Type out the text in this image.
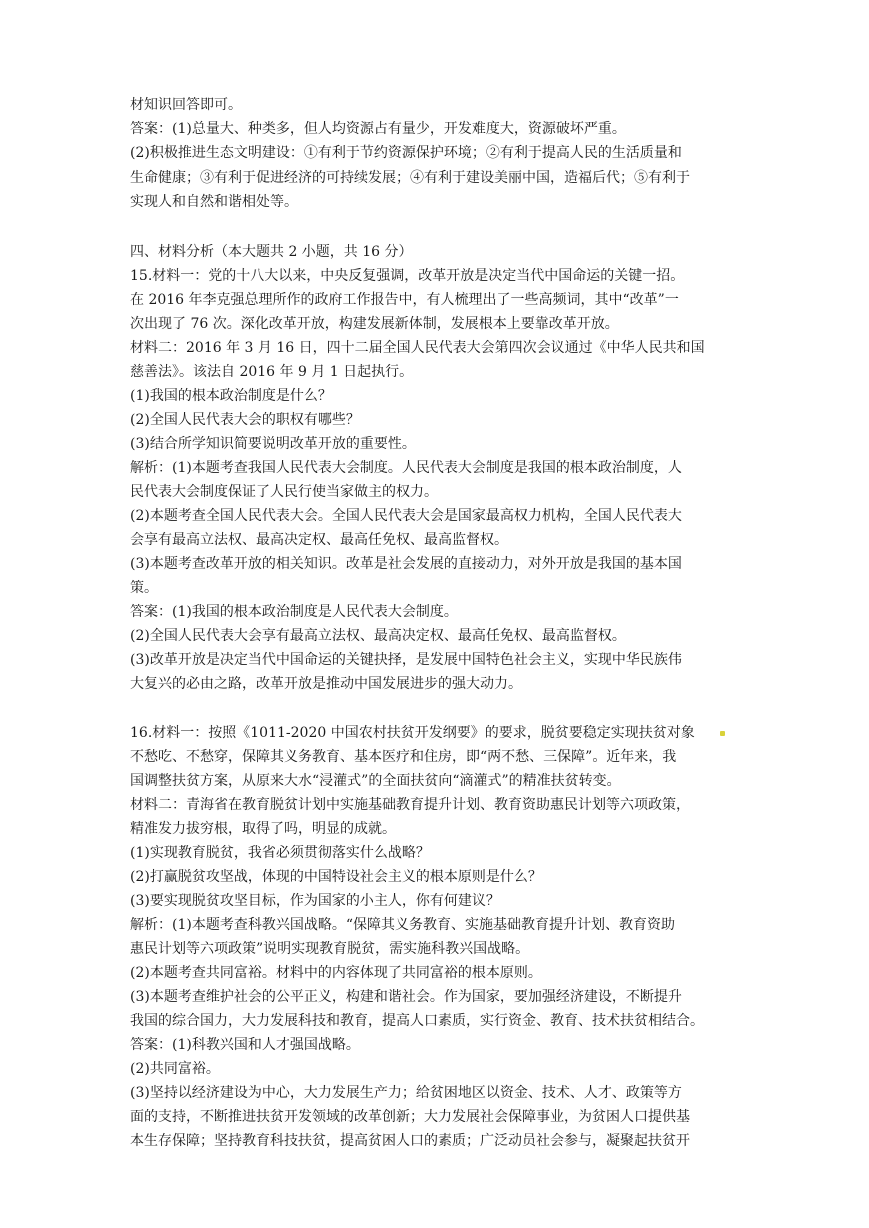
材知识回答即可。
答案：(1)总量大、种类多，但人均资源占有量少，开发难度大，资源破坏严重。
(2)积极推进生态文明建设：①有利于节约资源保护环境；②有利于提高人民的生活质量和
生命健康；③有利于促进经济的可持续发展；④有利于建设美丽中国，造福后代；⑤有利于
实现人和自然和谐相处等。
四、材料分析（本大题共 2 小题，共 16 分）
15.材料一：党的十八大以来，中央反复强调，改革开放是决定当代中国命运的关键一招。
在 2016 年李克强总理所作的政府工作报告中，有人梳理出了一些高频词，其中“改革”一
次出现了 76 次。深化改革开放，构建发展新体制，发展根本上要靠改革开放。
材料二：2016 年 3 月 16 日，四十二届全国人民代表大会第四次会议通过《中华人民共和国
慈善法》。该法自 2016 年 9 月 1 日起执行。
(1)我国的根本政治制度是什么？
(2)全国人民代表大会的职权有哪些？
(3)结合所学知识简要说明改革开放的重要性。
解析：(1)本题考查我国人民代表大会制度。人民代表大会制度是我国的根本政治制度，人
民代表大会制度保证了人民行使当家做主的权力。
(2)本题考查全国人民代表大会。全国人民代表大会是国家最高权力机构，全国人民代表大
会享有最高立法权、最高决定权、最高任免权、最高监督权。
(3)本题考查改革开放的相关知识。改革是社会发展的直接动力，对外开放是我国的基本国
策。
答案：(1)我国的根本政治制度是人民代表大会制度。
(2)全国人民代表大会享有最高立法权、最高决定权、最高任免权、最高监督权。
(3)改革开放是决定当代中国命运的关键抉择，是发展中国特色社会主义，实现中华民族伟
大复兴的必由之路，改革开放是推动中国发展进步的强大动力。
16.材料一：按照《1011-2020 中国农村扶贫开发纲要》的要求，脱贫要稳定实现扶贫对象
不愁吃、不愁穿，保障其义务教育、基本医疗和住房，即“两不愁、三保障”。近年来，我
国调整扶贫方案，从原来大水“浸灌式”的全面扶贫向“滴灌式”的精准扶贫转变。
材料二：青海省在教育脱贫计划中实施基础教育提升计划、教育资助惠民计划等六项政策，
精准发力拔穷根，取得了吗，明显的成就。
(1)实现教育脱贫，我省必须贯彻落实什么战略？
(2)打赢脱贫攻坚战，体现的中国特设社会主义的根本原则是什么？
(3)要实现脱贫攻坚目标，作为国家的小主人，你有何建议？
解析：(1)本题考查科教兴国战略。“保障其义务教育、实施基础教育提升计划、教育资助
惠民计划等六项政策”说明实现教育脱贫，需实施科教兴国战略。
(2)本题考查共同富裕。材料中的内容体现了共同富裕的根本原则。
(3)本题考查维护社会的公平正义，构建和谐社会。作为国家，要加强经济建设，不断提升
我国的综合国力，大力发展科技和教育，提高人口素质，实行资金、教育、技术扶贫相结合。
答案：(1)科教兴国和人才强国战略。
(2)共同富裕。
(3)坚持以经济建设为中心，大力发展生产力；给贫困地区以资金、技术、人才、政策等方
面的支持，不断推进扶贫开发领域的改革创新；大力发展社会保障事业，为贫困人口提供基
本生存保障；坚持教育科技扶贫，提高贫困人口的素质；广泛动员社会参与，凝聚起扶贫开
